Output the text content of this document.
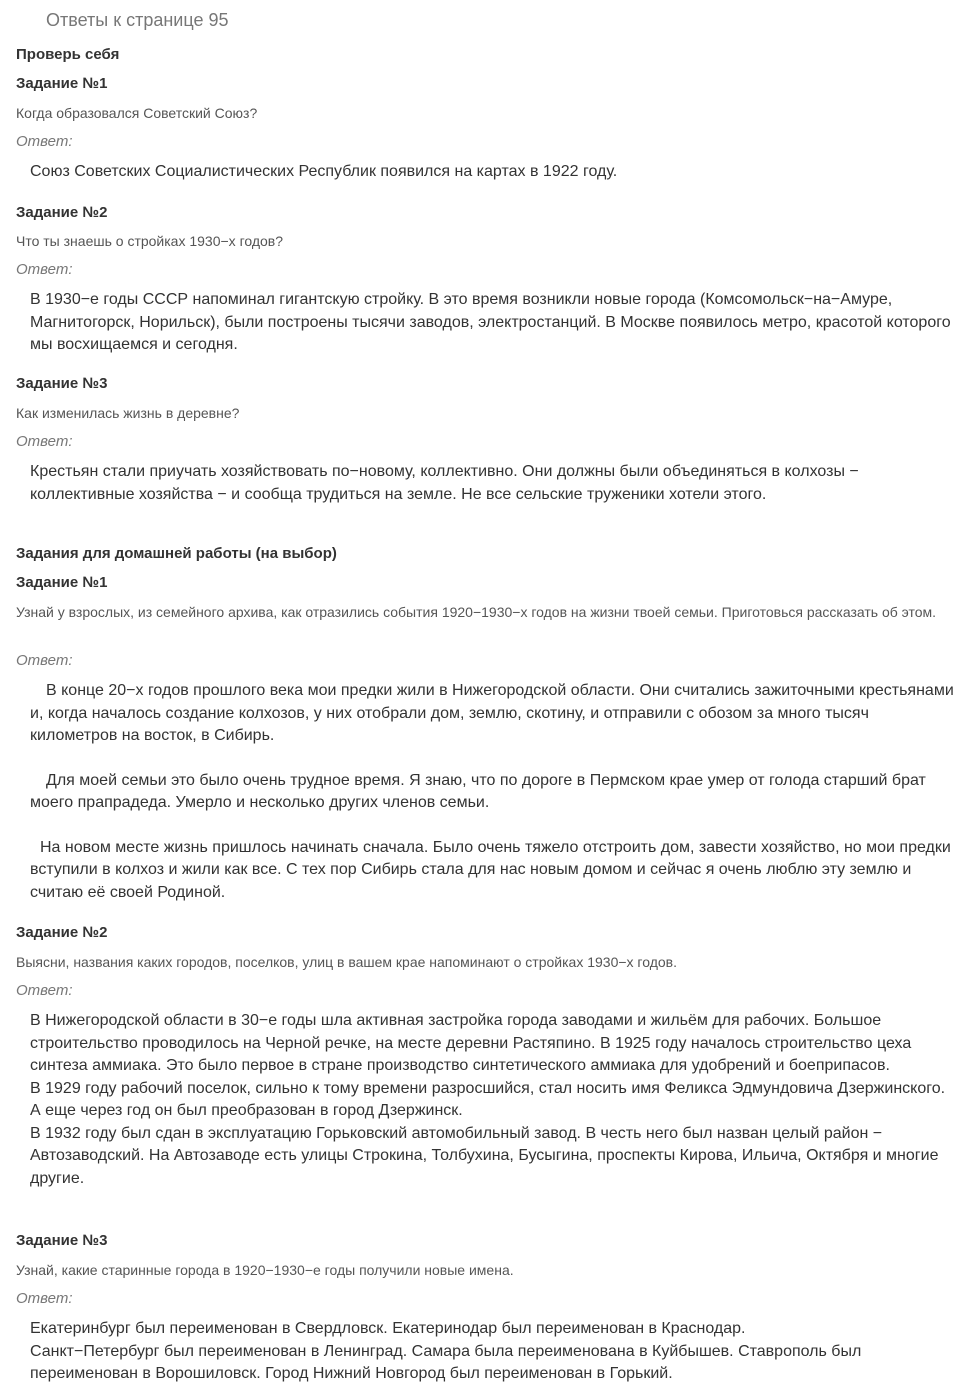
Ответы к странице 95
Проверь себя
Задание №1
Когда образовался Советский Союз?
Ответ:

Союз Советских Социалистических Республик появился на картах в 1922 году.

Задание №2
Что ты знаешь о стройках 1930−х годов?
Ответ:

В 1930−е годы СССР напоминал гигантскую стройку. В это время возникли новые города (Комсомольск−на−Амуре, Магнитогорск, Норильск), были построены тысячи заводов, электростанций. В Москве появилось метро, красотой которого мы восхищаемся и сегодня.

Задание №3
Как изменилась жизнь в деревне?
Ответ:

Крестьян стали приучать хозяйствовать по−новому, коллективно. Они должны были объединяться в колхозы − коллективные хозяйства − и сообща трудиться на земле. Не все сельские труженики хотели этого.

Задания для домашней работы (на выбор)
Задание №1
Узнай у взрослых, из семейного архива, как отразились события 1920−1930−х годов на жизни твоей семьи. Приготовься рассказать об этом.
Ответ:

В конце 20−х годов прошлого века мои предки жили в Нижегородской области. Они считались зажиточными крестьянами и, когда началось создание колхозов, у них отобрали дом, землю, скотину, и отправили с обозом за много тысяч километров на восток, в Сибирь.

Для моей семьи это было очень трудное время. Я знаю, что по дороге в Пермском крае умер от голода старший брат моего прапрадеда. Умерло и несколько других членов семьи.

На новом месте жизнь пришлось начинать сначала. Было очень тяжело отстроить дом, завести хозяйство, но мои предки вступили в колхоз и жили как все. С тех пор Сибирь стала для нас новым домом и сейчас я очень люблю эту землю и считаю её своей Родиной.

Задание №2
Выясни, названия каких городов, поселков, улиц в вашем крае напоминают о стройках 1930−х годов.
Ответ:

В Нижегородской области в 30−е годы шла активная застройка города заводами и жильём для рабочих. Большое строительство проводилось на Черной речке, на месте деревни Растяпино. В 1925 году началось строительство цеха синтеза аммиака. Это было первое в стране производство синтетического аммиака для удобрений и боеприпасов.

В 1929 году рабочий поселок, сильно к тому времени разросшийся, стал носить имя Феликса Эдмундовича Дзержинского. А еще через год он был преобразован в город Дзержинск.

В 1932 году был сдан в эксплуатацию Горьковский автомобильный завод. В честь него был назван целый район − Автозаводский. На Автозаводе есть улицы Строкина, Толбухина, Бусыгина, проспекты Кирова, Ильича, Октября и многие другие.

Задание №3
Узнай, какие старинные города в 1920−1930−е годы получили новые имена.
Ответ:

Екатеринбург был переименован в Свердловск. Екатеринодар был переименован в Краснодар.

Санкт−Петербург был переименован в Ленинград. Самара была переименована в Куйбышев. Ставрополь был переименован в Ворошиловск. Город Нижний Новгород был переименован в Горький.
